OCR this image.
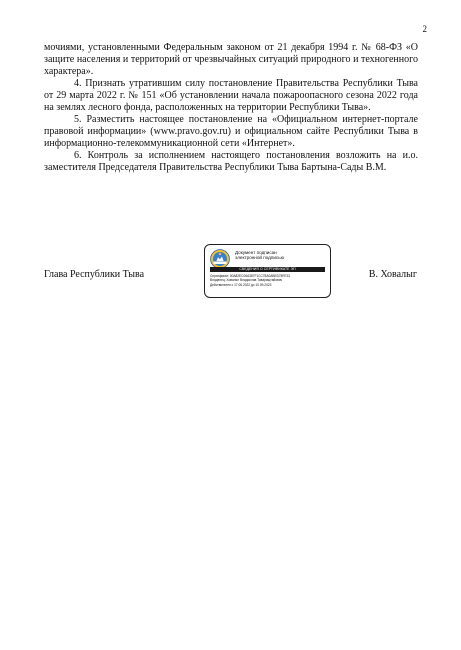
2

мочиями, установленными Федеральным законом от 21 декабря 1994 г. № 68-ФЗ «О защите населения и территорий от чрезвычайных ситуаций природного и техногенного характера».

4. Признать утратившим силу постановление Правительства Республики Тыва от 29 марта 2022 г. № 151 «Об установлении начала пожароопасного сезона 2022 года на землях лесного фонда, расположенных на территории Республики Тыва».

5. Разместить настоящее постановление на «Официальном интернет-портале правовой информации» (www.pravo.gov.ru) и официальном сайте Республики Тыва в информационно-телекоммуникационной сети «Интернет».

6. Контроль за исполнением настоящего постановления возложить на и.о. заместителя Председателя Правительства Республики Тыва Бартына-Сады В.М.

Глава Республики Тыва	В. Ховалыг
Документ подписан
электронной подписью
СВЕДЕНИЯ О СЕРТИФИКАТЕ ЭП
Сертификат: 00A82EC06A387F1CC78A0ABED78FE33
Владелец: Ховалыг Владислав Товарищтайович
Действителен с 17.06.2022 до 10.09.2023
